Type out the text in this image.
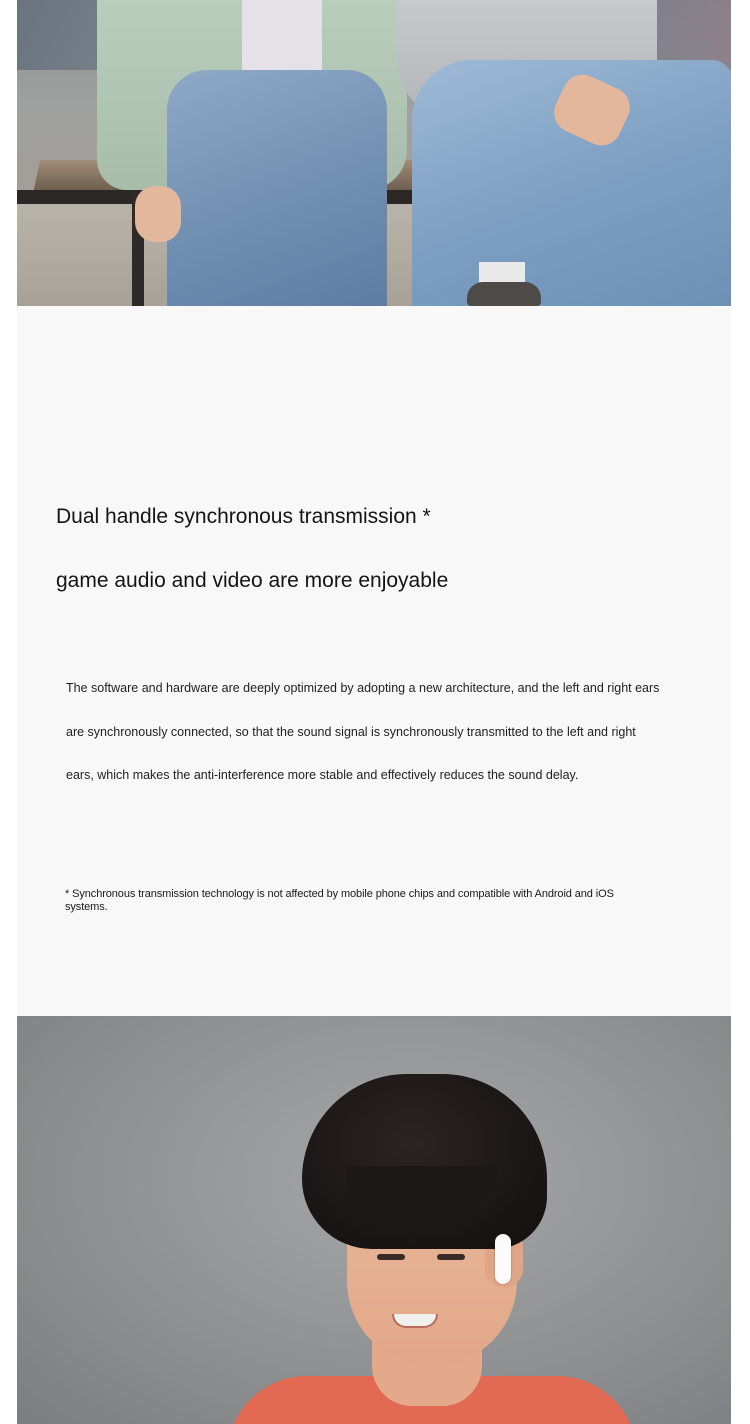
Dual handle synchronous transmission *
game audio and video are more enjoyable

The software and hardware are deeply optimized by adopting a new architecture, and the left and right ears

are synchronously connected, so that the sound signal is synchronously transmitted to the left and right

ears, which makes the anti-interference more stable and effectively reduces the sound delay.

* Synchronous transmission technology is not affected by mobile phone chips and compatible with Android and iOS systems.
